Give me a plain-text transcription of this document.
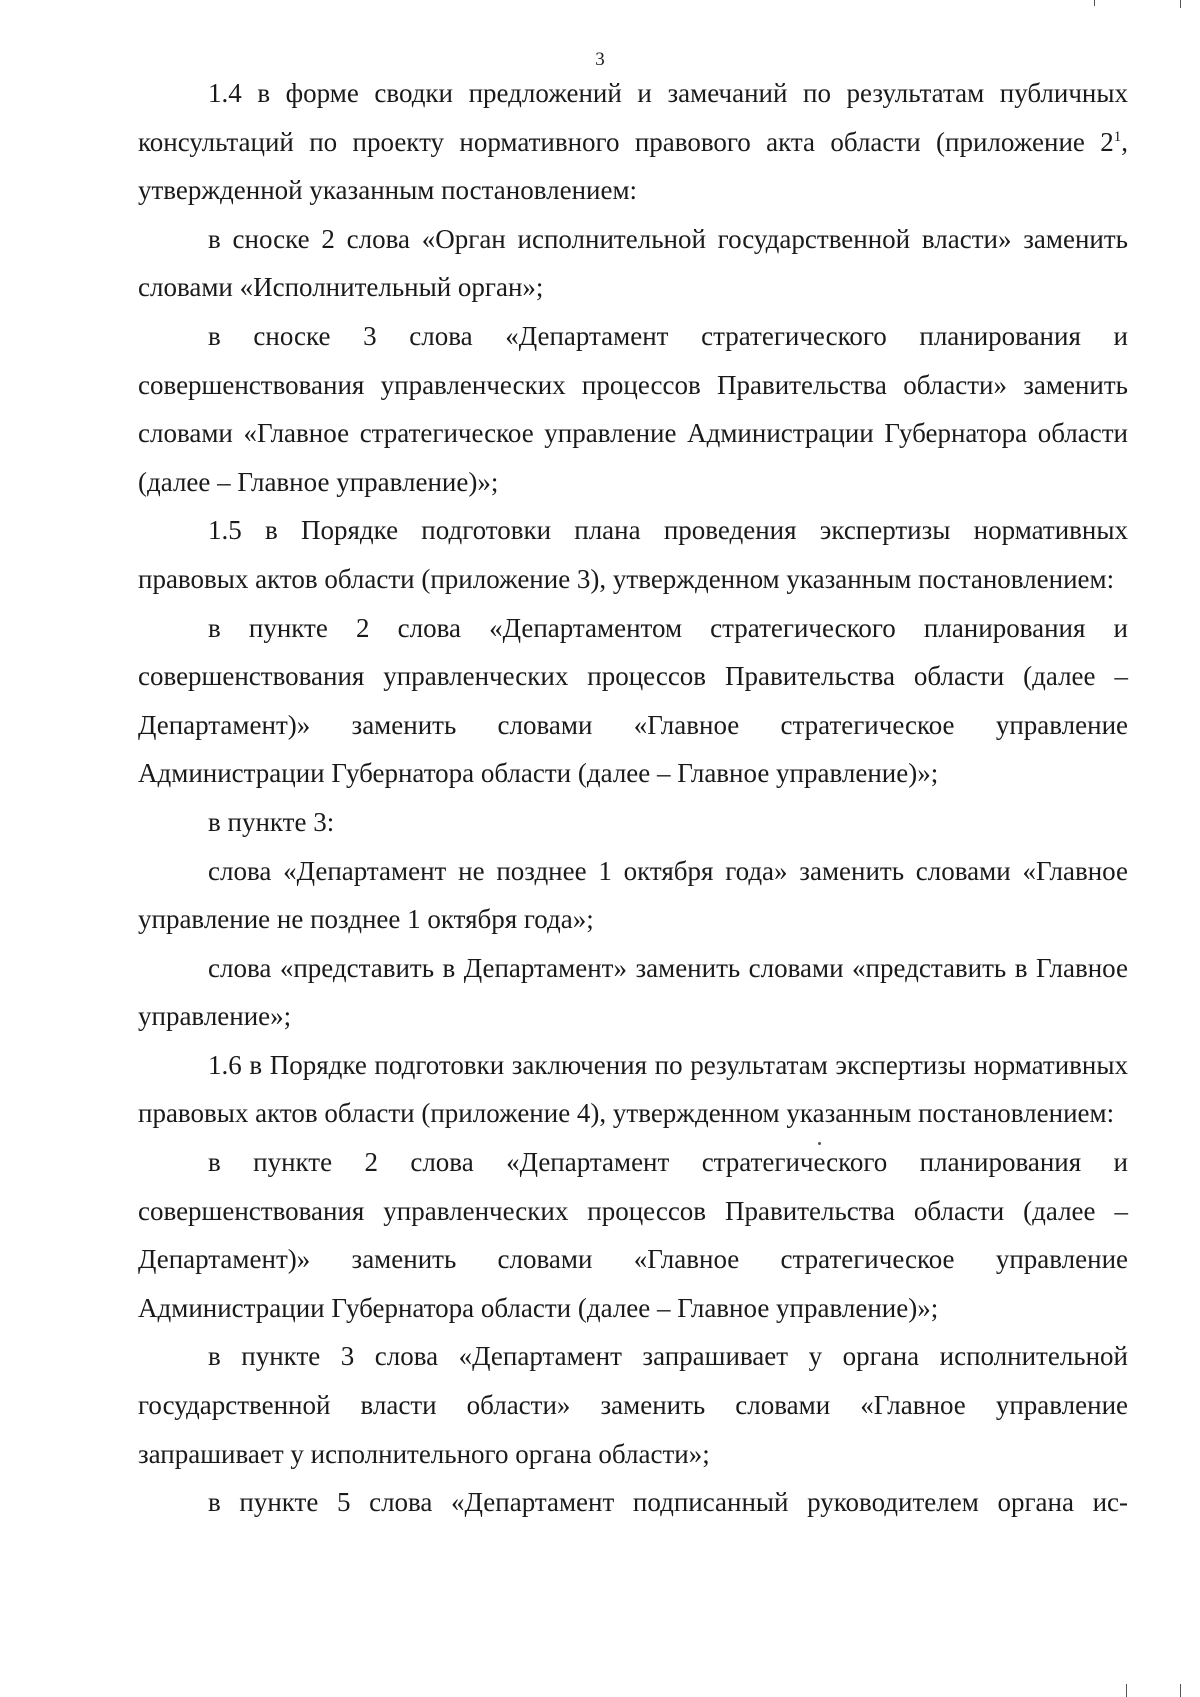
3

1.4 в форме сводки предложений и замечаний по результатам публичных консультаций по проекту нормативного правового акта области (приложение $2^1$, утвержденной указанным постановлением:

в сноске 2 слова «Орган исполнительной государственной власти» заменить словами «Исполнительный орган»;

в сноске 3 слова «Департамент стратегического планирования и совершенствования управленческих процессов Правительства области» заменить словами «Главное стратегическое управление Администрации Губернатора области (далее – Главное управление)»;

1.5 в Порядке подготовки плана проведения экспертизы нормативных правовых актов области (приложение 3), утвержденном указанным постановлением:

в пункте 2 слова «Департаментом стратегического планирования и совершенствования управленческих процессов Правительства области (далее – Департамент)» заменить словами «Главное стратегическое управление Администрации Губернатора области (далее – Главное управление)»;

в пункте 3:

слова «Департамент не позднее 1 октября года» заменить словами «Главное управление не позднее 1 октября года»;

слова «представить в Департамент» заменить словами «представить в Главное управление»;

1.6 в Порядке подготовки заключения по результатам экспертизы нормативных правовых актов области (приложение 4), утвержденном указанным постановлением:

в пункте 2 слова «Департамент стратегического планирования и совершенствования управленческих процессов Правительства области (далее – Департамент)» заменить словами «Главное стратегическое управление Администрации Губернатора области (далее – Главное управление)»;

в пункте 3 слова «Департамент запрашивает у органа исполнительной государственной власти области» заменить словами «Главное управление запрашивает у исполнительного органа области»;

в пункте 5 слова «Департамент подписанный руководителем органа ис-
